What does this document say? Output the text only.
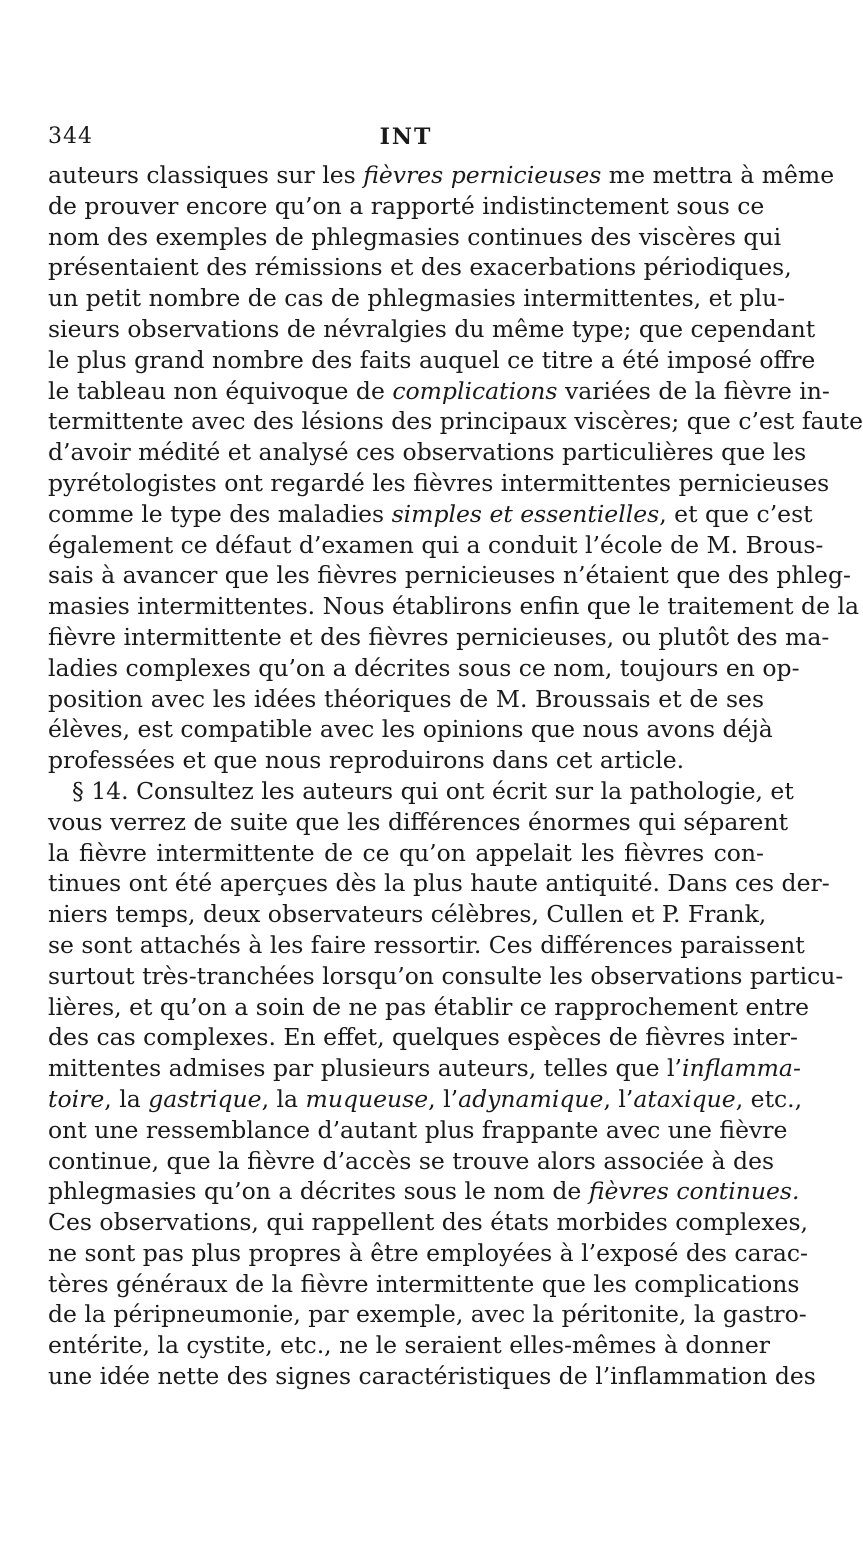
344	INT
auteurs classiques sur les fièvres pernicieuses me mettra à même
de prouver encore qu’on a rapporté indistinctement sous ce
nom des exemples de phlegmasies continues des viscères qui
présentaient des rémissions et des exacerbations périodiques,
un petit nombre de cas de phlegmasies intermittentes, et plu-
sieurs observations de névralgies du même type; que cependant
le plus grand nombre des faits auquel ce titre a été imposé offre
le tableau non équivoque de complications variées de la fièvre in-
termittente avec des lésions des principaux viscères; que c’est faute
d’avoir médité et analysé ces observations particulières que les
pyrétologistes ont regardé les fièvres intermittentes pernicieuses
comme le type des maladies simples et essentielles, et que c’est
également ce défaut d’examen qui a conduit l’école de M. Brous-
sais à avancer que les fièvres pernicieuses n’étaient que des phleg-
masies intermittentes. Nous établirons enfin que le traitement de la
fièvre intermittente et des fièvres pernicieuses, ou plutôt des ma-
ladies complexes qu’on a décrites sous ce nom, toujours en op-
position avec les idées théoriques de M. Broussais et de ses
élèves, est compatible avec les opinions que nous avons déjà
professées et que nous reproduirons dans cet article.
§ 14. Consultez les auteurs qui ont écrit sur la pathologie, et
vous verrez de suite que les différences énormes qui séparent
la fièvre intermittente de ce qu’on appelait les fièvres con-
tinues ont été aperçues dès la plus haute antiquité. Dans ces der-
niers temps, deux observateurs célèbres, Cullen et P. Frank,
se sont attachés à les faire ressortir. Ces différences paraissent
surtout très-tranchées lorsqu’on consulte les observations particu-
lières, et qu’on a soin de ne pas établir ce rapprochement entre
des cas complexes. En effet, quelques espèces de fièvres inter-
mittentes admises par plusieurs auteurs, telles que l’inflamma-
toire, la gastrique, la muqueuse, l’adynamique, l’ataxique, etc.,
ont une ressemblance d’autant plus frappante avec une fièvre
continue, que la fièvre d’accès se trouve alors associée à des
phlegmasies qu’on a décrites sous le nom de fièvres continues.
Ces observations, qui rappellent des états morbides complexes,
ne sont pas plus propres à être employées à l’exposé des carac-
tères généraux de la fièvre intermittente que les complications
de la péripneumonie, par exemple, avec la péritonite, la gastro-
entérite, la cystite, etc., ne le seraient elles-mêmes à donner
une idée nette des signes caractéristiques de l’inflammation des
